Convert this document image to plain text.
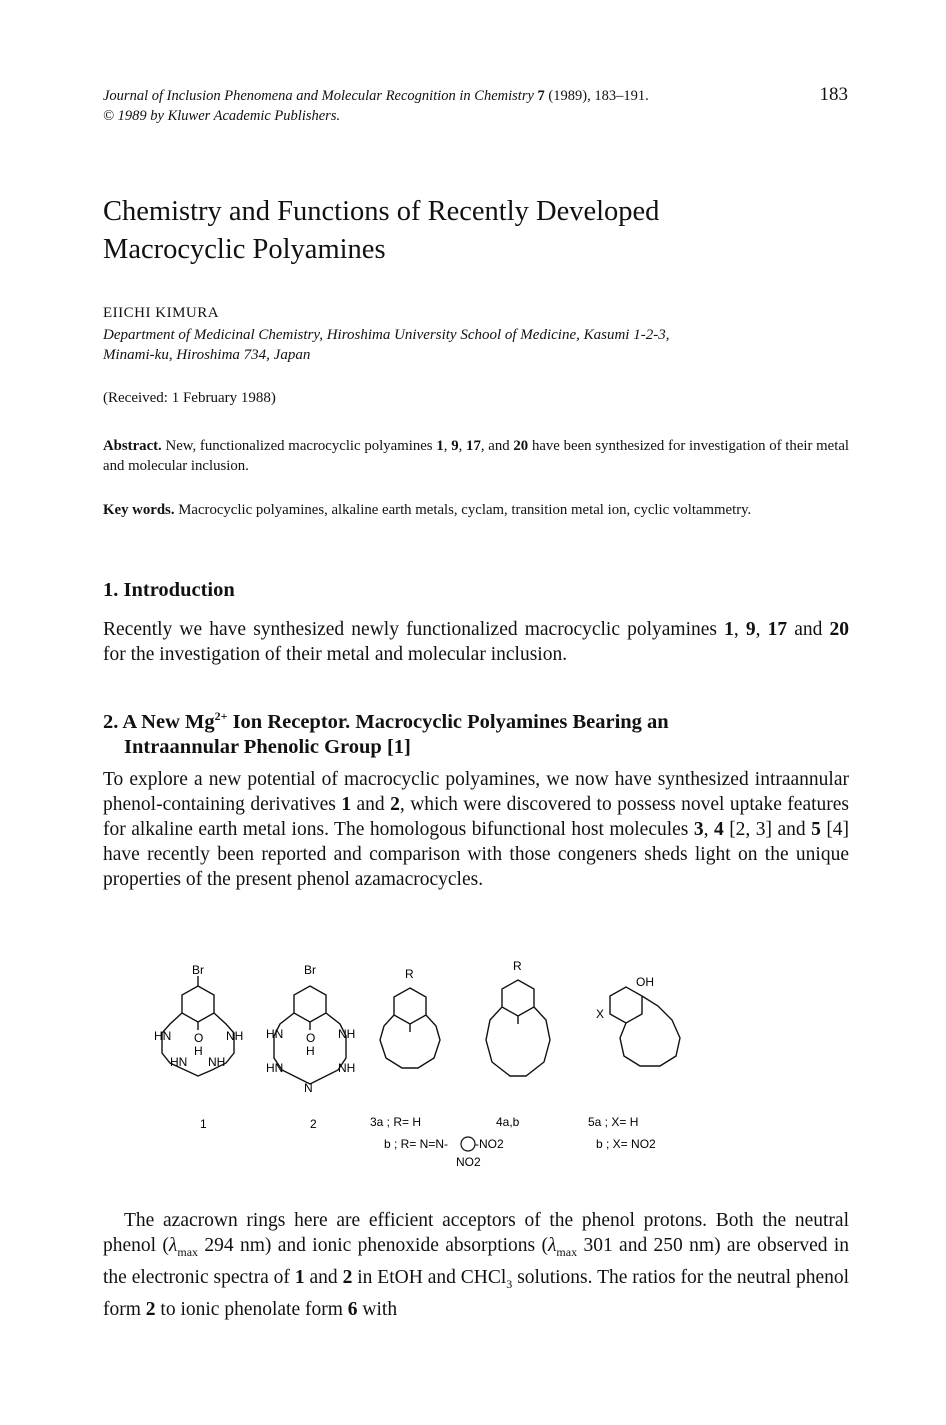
Journal of Inclusion Phenomena and Molecular Recognition in Chemistry 7 (1989), 183–191.
© 1989 by Kluwer Academic Publishers.
183
Chemistry and Functions of Recently Developed
Macrocyclic Polyamines
EIICHI KIMURA
Department of Medicinal Chemistry, Hiroshima University School of Medicine, Kasumi 1-2-3,
Minami-ku, Hiroshima 734, Japan
(Received: 1 February 1988)
Abstract. New, functionalized macrocyclic polyamines 1, 9, 17, and 20 have been synthesized for investigation of their metal and molecular inclusion.
Key words. Macrocyclic polyamines, alkaline earth metals, cyclam, transition metal ion, cyclic voltammetry.
1. Introduction
Recently we have synthesized newly functionalized macrocyclic polyamines 1, 9, 17 and 20 for the investigation of their metal and molecular inclusion.
2. A New $Mg^{2+}$ Ion Receptor. Macrocyclic Polyamines Bearing an
Intraannular Phenolic Group [1]
To explore a new potential of macrocyclic polyamines, we now have synthesized intraannular phenol-containing derivatives 1 and 2, which were discovered to possess novel uptake features for alkaline earth metal ions. The homologous bifunctional host molecules 3, 4 [2, 3] and 5 [4] have recently been reported and comparison with those congeners sheds light on the unique properties of the present phenol azamacrocycles.
Br
O
H
HN	NH
HN NH
Br
O
H
HN	NH
HN	NH
N
R
R
OH
X
1	2	3a ; R= H
b ; R= N=N- -NO2
NO2
4a,b	5a ; X= H
b ; X= NO2
The azacrown rings here are efficient acceptors of the phenol protons. Both the neutral phenol ($\lambda_{max}$ 294 nm) and ionic phenoxide absorptions ($\lambda_{max}$ 301 and 250 nm) are observed in the electronic spectra of 1 and 2 in EtOH and CHCl$_3$ solutions. The ratios for the neutral phenol form 2 to ionic phenolate form 6 with
